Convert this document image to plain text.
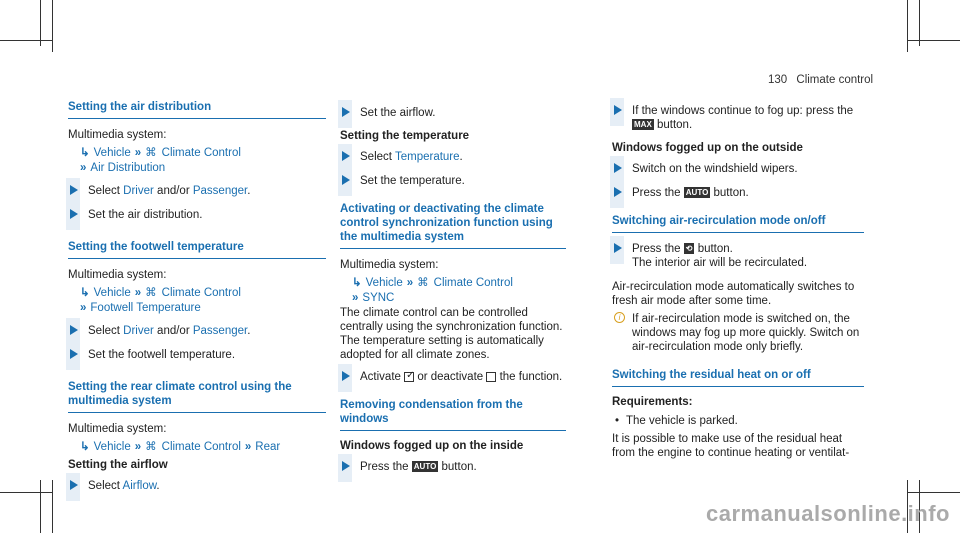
130 Climate control
Setting the air distribution
Multimedia system:
↳ Vehicle » ⌘ Climate Control
» Air Distribution
Select Driver and/or Passenger.
Set the air distribution.
Setting the footwell temperature
Multimedia system:
↳ Vehicle » ⌘ Climate Control
» Footwell Temperature
Select Driver and/or Passenger.
Set the footwell temperature.
Setting the rear climate control using the multimedia system
Multimedia system:
↳ Vehicle » ⌘ Climate Control » Rear
Setting the airflow
Select Airflow.
Set the airflow.
Setting the temperature
Select Temperature.
Set the temperature.
Activating or deactivating the climate control synchronization function using the multimedia system
Multimedia system:
↳ Vehicle » ⌘ Climate Control
» SYNC
The climate control can be controlled centrally using the synchronization function. The temperature setting is automatically adopted for all climate zones.
Activate ✓ or deactivate the function.
Removing condensation from the windows
Windows fogged up on the inside
Press the AUTO button.
If the windows continue to fog up: press the
MAX button.
Windows fogged up on the outside
Switch on the windshield wipers.
Press the AUTO button.
Switching air-recirculation mode on/off
Press the ⟲ button.
The interior air will be recirculated.
Air-recirculation mode automatically switches to fresh air mode after some time.
i	If air-recirculation mode is switched on, the windows may fog up more quickly. Switch on air-recirculation mode only briefly.
Switching the residual heat on or off
Requirements:
• The vehicle is parked.
It is possible to make use of the residual heat from the engine to continue heating or ventilat-
carmanualsonline.info
